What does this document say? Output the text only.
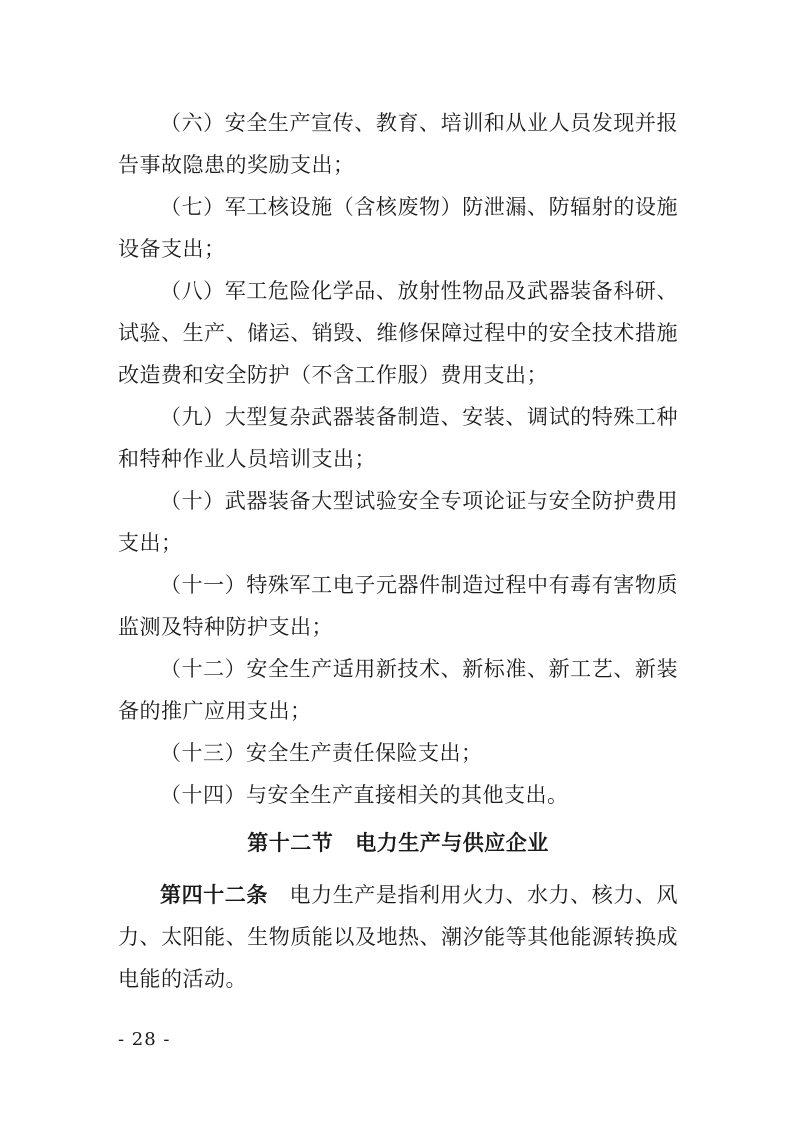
（六）安全生产宣传、教育、培训和从业人员发现并报告事故隐患的奖励支出；

（七）军工核设施（含核废物）防泄漏、防辐射的设施设备支出；

（八）军工危险化学品、放射性物品及武器装备科研、试验、生产、储运、销毁、维修保障过程中的安全技术措施改造费和安全防护（不含工作服）费用支出；

（九）大型复杂武器装备制造、安装、调试的特殊工种和特种作业人员培训支出；

（十）武器装备大型试验安全专项论证与安全防护费用支出；

（十一）特殊军工电子元器件制造过程中有毒有害物质监测及特种防护支出；

（十二）安全生产适用新技术、新标准、新工艺、新装备的推广应用支出；

（十三）安全生产责任保险支出；

（十四）与安全生产直接相关的其他支出。

第十二节 电力生产与供应企业

第四十二条  电力生产是指利用火力、水力、核力、风力、太阳能、生物质能以及地热、潮汐能等其他能源转换成电能的活动。

- 28 -
